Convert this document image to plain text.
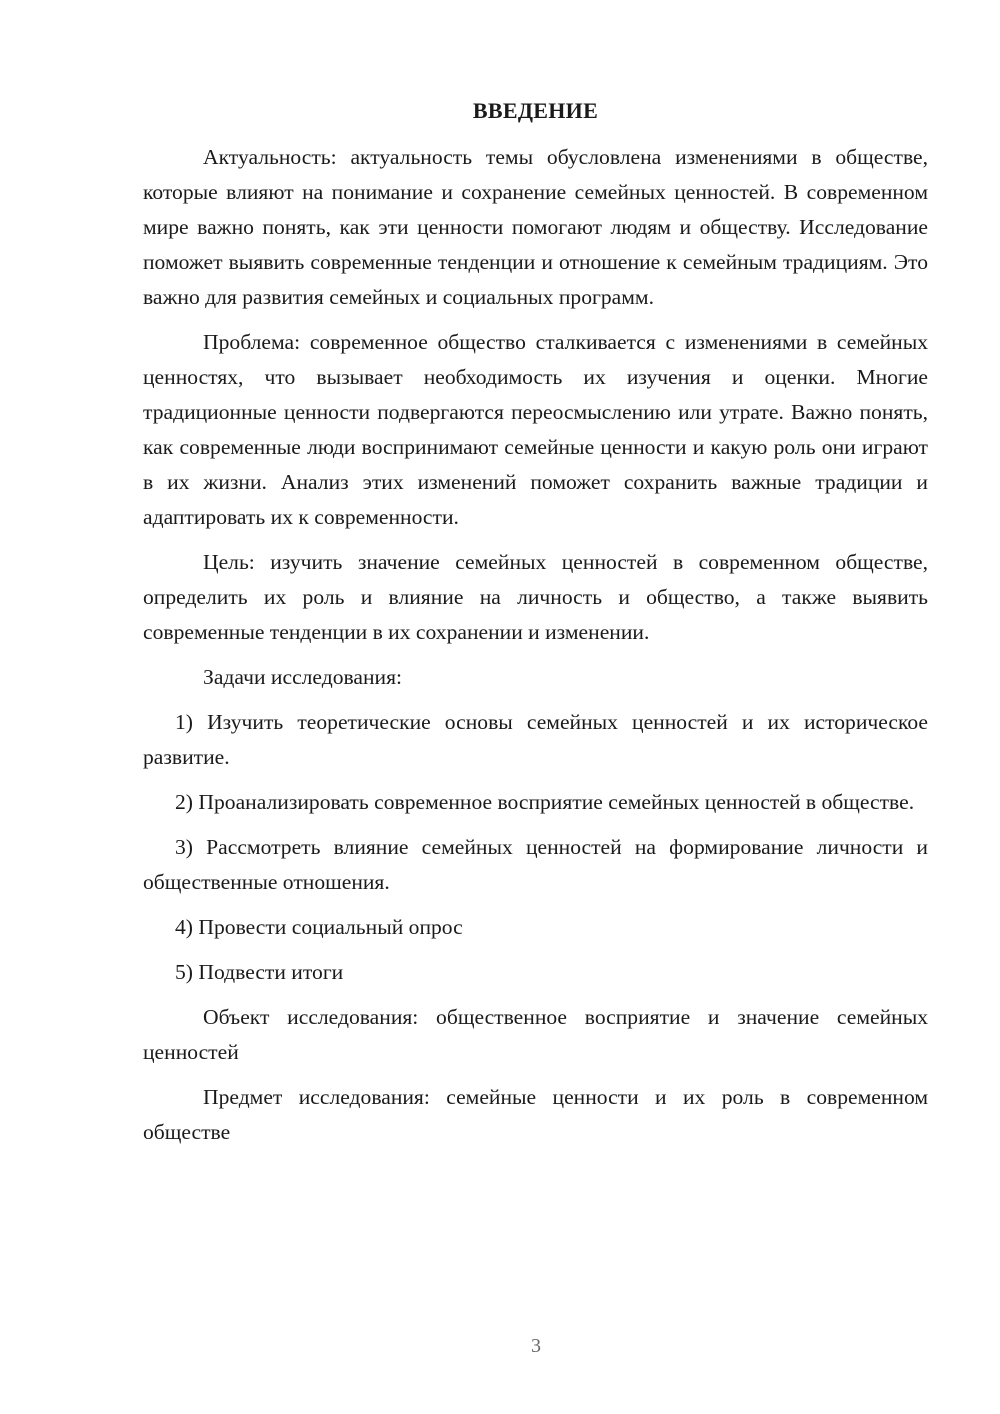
ВВЕДЕНИЕ

Актуальность: актуальность темы обусловлена изменениями в обществе, которые влияют на понимание и сохранение семейных ценностей. В современном мире важно понять, как эти ценности помогают людям и обществу. Исследование поможет выявить современные тенденции и отношение к семейным традициям. Это важно для развития семейных и социальных программ.

Проблема: современное общество сталкивается с изменениями в семейных ценностях, что вызывает необходимость их изучения и оценки. Многие традиционные ценности подвергаются переосмыслению или утрате. Важно понять, как современные люди воспринимают семейные ценности и какую роль они играют в их жизни. Анализ этих изменений поможет сохранить важные традиции и адаптировать их к современности.

Цель: изучить значение семейных ценностей в современном обществе, определить их роль и влияние на личность и общество, а также выявить современные тенденции в их сохранении и изменении.

Задачи исследования:

1) Изучить теоретические основы семейных ценностей и их историческое развитие.

2) Проанализировать современное восприятие семейных ценностей в обществе.

3) Рассмотреть влияние семейных ценностей на формирование личности и общественные отношения.

4) Провести социальный опрос

5) Подвести итоги

Объект исследования: общественное восприятие и значение семейных ценностей

Предмет исследования: семейные ценности и их роль в современном обществе

3
